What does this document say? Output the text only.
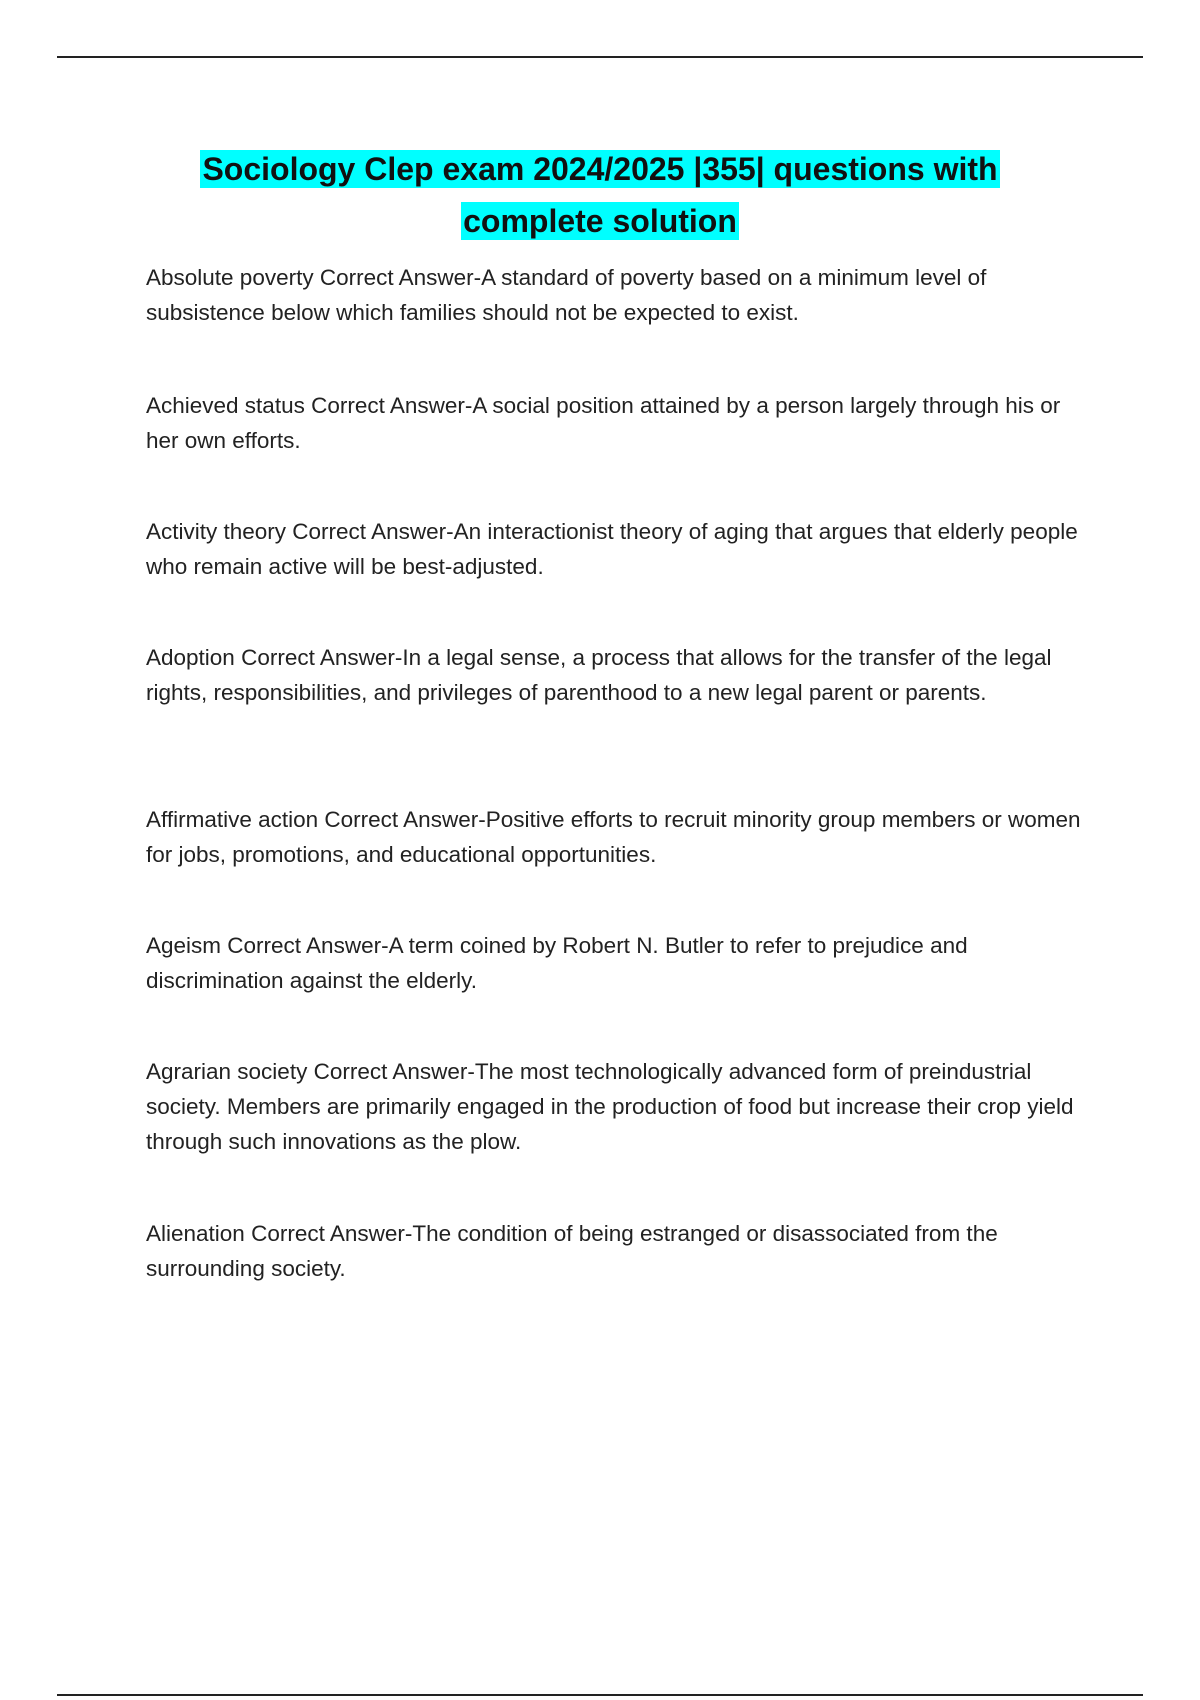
Sociology Clep exam 2024/2025 |355| questions with
complete solution

Absolute poverty Correct Answer-A standard of poverty based on a minimum level of subsistence below which families should not be expected to exist.

Achieved status Correct Answer-A social position attained by a person largely through his or her own efforts.

Activity theory Correct Answer-An interactionist theory of aging that argues that elderly people who remain active will be best-adjusted.

Adoption Correct Answer-In a legal sense, a process that allows for the transfer of the legal rights, responsibilities, and privileges of parenthood to a new legal parent or parents.

Affirmative action Correct Answer-Positive efforts to recruit minority group members or women for jobs, promotions, and educational opportunities.

Ageism Correct Answer-A term coined by Robert N. Butler to refer to prejudice and discrimination against the elderly.

Agrarian society Correct Answer-The most technologically advanced form of preindustrial society. Members are primarily engaged in the production of food but increase their crop yield through such innovations as the plow.

Alienation Correct Answer-The condition of being estranged or disassociated from the surrounding society.
